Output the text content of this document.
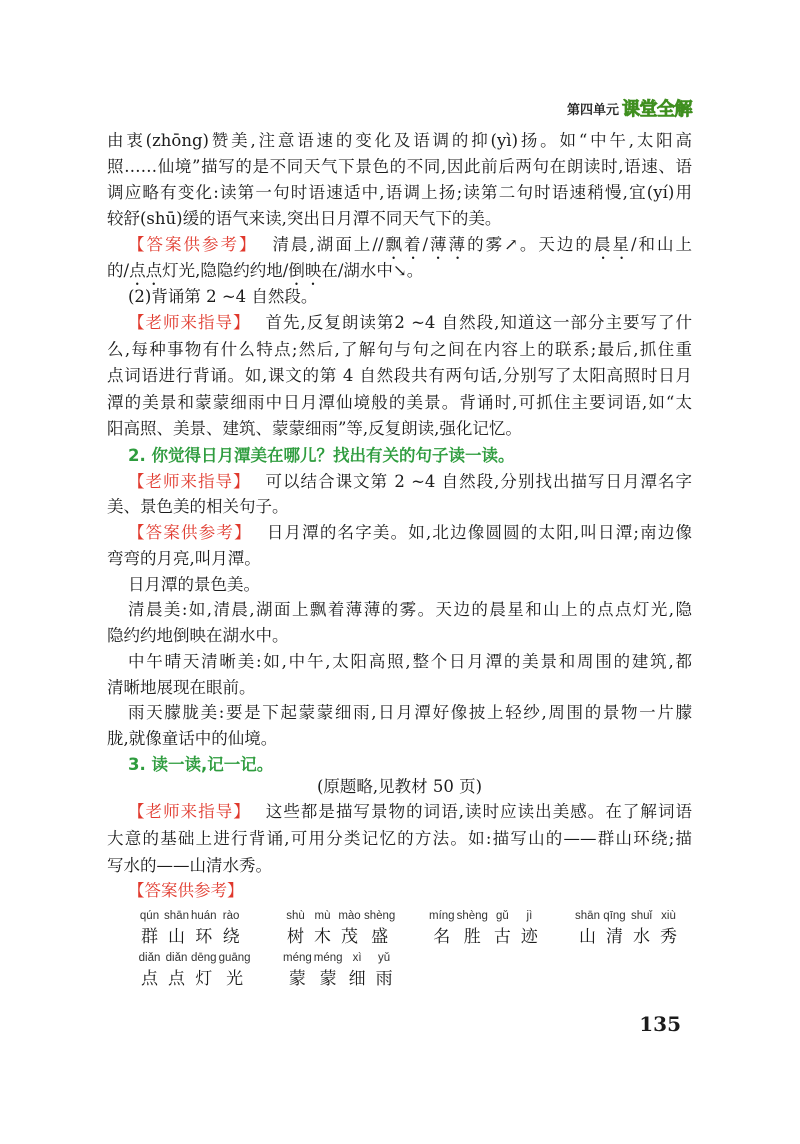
第四单元 课堂全解
由衷(zhōng)赞美,注意语速的变化及语调的抑(yì)扬。如“中午,太阳高
照……仙境”描写的是不同天气下景色的不同,因此前后两句在朗读时,语速、语
调应略有变化:读第一句时语速适中,语调上扬;读第二句时语速稍慢,宜(yí)用
较舒(shū)缓的语气来读,突出日月潭不同天气下的美。
【答案供参考】 清晨,湖面上//飘着/薄薄的雾↗。天边的晨星/和山上
的/点点灯光,隐隐约约地/倒映在/湖水中↘。
(2)背诵第 2 ~4 自然段。
【老师来指导】 首先,反复朗读第2 ~4 自然段,知道这一部分主要写了什
么,每种事物有什么特点;然后,了解句与句之间在内容上的联系;最后,抓住重
点词语进行背诵。如,课文的第 4 自然段共有两句话,分别写了太阳高照时日月
潭的美景和蒙蒙细雨中日月潭仙境般的美景。背诵时,可抓住主要词语,如“太
阳高照、美景、建筑、蒙蒙细雨”等,反复朗读,强化记忆。
2. 你觉得日月潭美在哪儿？找出有关的句子读一读。
【老师来指导】 可以结合课文第 2 ~4 自然段,分别找出描写日月潭名字
美、景色美的相关句子。
【答案供参考】 日月潭的名字美。如,北边像圆圆的太阳,叫日潭;南边像
弯弯的月亮,叫月潭。
日月潭的景色美。
清晨美:如,清晨,湖面上飘着薄薄的雾。天边的晨星和山上的点点灯光,隐
隐约约地倒映在湖水中。
中午晴天清晰美:如,中午,太阳高照,整个日月潭的美景和周围的建筑,都
清晰地展现在眼前。
雨天朦胧美:要是下起蒙蒙细雨,日月潭好像披上轻纱,周围的景物一片朦
胧,就像童话中的仙境。
3. 读一读,记一记。
(原题略,见教材 50 页)
【老师来指导】 这些都是描写景物的词语,读时应读出美感。在了解词语
大意的基础上进行背诵,可用分类记忆的方法。如:描写山的——群山环绕;描
写水的——山清水秀。
【答案供参考】
qún
群
shān
山
huán
环
rào
绕
shù
树
mù
木
mào
茂
shèng
盛
míng
名
shèng
胜
gǔ
古
jì
迹
shān
山
qīng
清
shuǐ
水
xiù
秀
diǎn
点
diǎn
点
dēng
灯
guāng
光
méng
蒙
méng
蒙
xì
细
yǔ
雨
135
